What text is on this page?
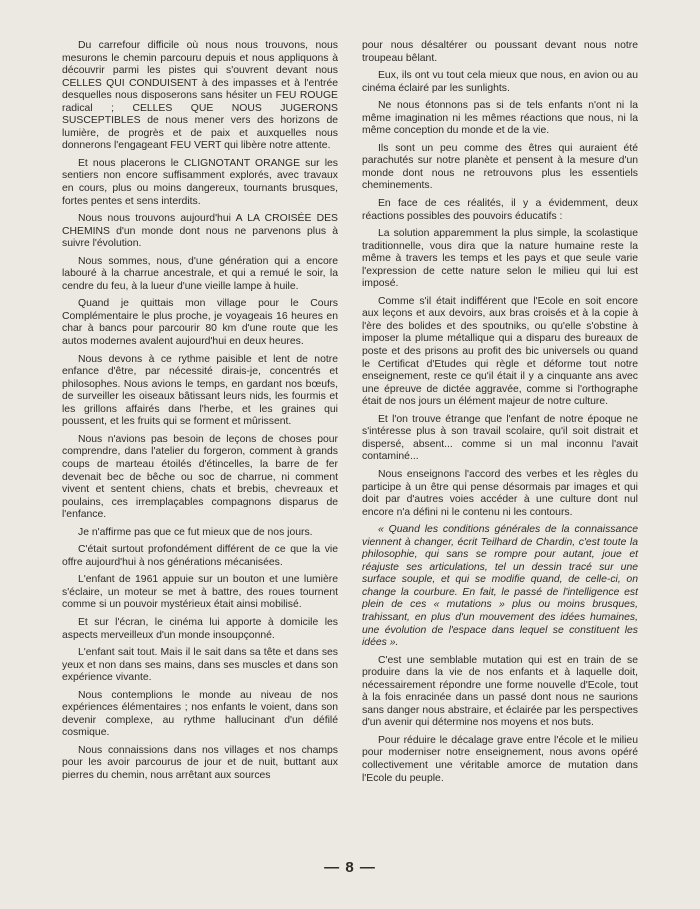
Du carrefour difficile où nous nous trouvons, nous mesurons le chemin parcouru depuis et nous appliquons à découvrir parmi les pistes qui s'ouvrent devant nous CELLES QUI CONDUISENT à des impasses et à l'entrée desquelles nous disposerons sans hésiter un FEU ROUGE radical ; CELLES QUE NOUS JUGERONS SUSCEPTIBLES de nous mener vers des horizons de lumière, de progrès et de paix et auxquelles nous donnerons l'engageant FEU VERT qui libère notre attente.

Et nous placerons le CLIGNOTANT ORANGE sur les sentiers non encore suffisamment explorés, avec travaux en cours, plus ou moins dangereux, tournants brusques, fortes pentes et sens interdits.

Nous nous trouvons aujourd'hui A LA CROISÉE DES CHEMINS d'un monde dont nous ne parvenons plus à suivre l'évolution.

Nous sommes, nous, d'une génération qui a encore labouré à la charrue ancestrale, et qui a remué le soir, la cendre du feu, à la lueur d'une vieille lampe à huile.

Quand je quittais mon village pour le Cours Complémentaire le plus proche, je voyageais 16 heures en char à bancs pour parcourir 80 km d'une route que les autos modernes avalent aujourd'hui en deux heures.

Nous devons à ce rythme paisible et lent de notre enfance d'être, par nécessité dirais-je, concentrés et philosophes. Nous avions le temps, en gardant nos bœufs, de surveiller les oiseaux bâtissant leurs nids, les fourmis et les grillons affairés dans l'herbe, et les graines qui poussent, et les fruits qui se forment et mûrissent.

Nous n'avions pas besoin de leçons de choses pour comprendre, dans l'atelier du forgeron, comment à grands coups de marteau étoilés d'étincelles, la barre de fer devenait bec de bêche ou soc de charrue, ni comment vivent et sentent chiens, chats et brebis, chevreaux et poulains, ces irremplaçables compagnons disparus de l'enfance.

Je n'affirme pas que ce fut mieux que de nos jours.

C'était surtout profondément différent de ce que la vie offre aujourd'hui à nos générations mécanisées.

L'enfant de 1961 appuie sur un bouton et une lumière s'éclaire, un moteur se met à battre, des roues tournent comme si un pouvoir mystérieux était ainsi mobilisé.

Et sur l'écran, le cinéma lui apporte à domicile les aspects merveilleux d'un monde insoupçonné.

L'enfant sait tout. Mais il le sait dans sa tête et dans ses yeux et non dans ses mains, dans ses muscles et dans son expérience vivante.

Nous contemplions le monde au niveau de nos expériences élémentaires ; nos enfants le voient, dans son devenir complexe, au rythme hallucinant d'un défilé cosmique.

Nous connaissions dans nos villages et nos champs pour les avoir parcourus de jour et de nuit, buttant aux pierres du chemin, nous arrêtant aux sources

pour nous désaltérer ou poussant devant nous notre troupeau bêlant.

Eux, ils ont vu tout cela mieux que nous, en avion ou au cinéma éclairé par les sunlights.

Ne nous étonnons pas si de tels enfants n'ont ni la même imagination ni les mêmes réactions que nous, ni la même conception du monde et de la vie.

Ils sont un peu comme des êtres qui auraient été parachutés sur notre planète et pensent à la mesure d'un monde dont nous ne retrouvons plus les essentiels cheminements.

En face de ces réalités, il y a évidemment, deux réactions possibles des pouvoirs éducatifs :

La solution apparemment la plus simple, la scolastique traditionnelle, vous dira que la nature humaine reste la même à travers les temps et les pays et que seule varie l'expression de cette nature selon le milieu qui lui est imposé.

Comme s'il était indifférent que l'Ecole en soit encore aux leçons et aux devoirs, aux bras croisés et à la copie à l'ère des bolides et des spoutniks, ou qu'elle s'obstine à imposer la plume métallique qui a disparu des bureaux de poste et des prisons au profit des bic universels ou quand le Certificat d'Etudes qui règle et déforme tout notre enseignement, reste ce qu'il était il y a cinquante ans avec une épreuve de dictée aggravée, comme si l'orthographe était de nos jours un élément majeur de notre culture.

Et l'on trouve étrange que l'enfant de notre époque ne s'intéresse plus à son travail scolaire, qu'il soit distrait et dispersé, absent... comme si un mal inconnu l'avait contaminé...

Nous enseignons l'accord des verbes et les règles du participe à un être qui pense désormais par images et qui doit par d'autres voies accéder à une culture dont nul encore n'a défini ni le contenu ni les contours.

« Quand les conditions générales de la connaissance viennent à changer, écrit Teilhard de Chardin, c'est toute la philosophie, qui sans se rompre pour autant, joue et réajuste ses articulations, tel un dessin tracé sur une surface souple, et qui se modifie quand, de celle-ci, on change la courbure. En fait, le passé de l'intelligence est plein de ces « mutations » plus ou moins brusques, trahissant, en plus d'un mouvement des idées humaines, une évolution de l'espace dans lequel se constituent les idées ».

C'est une semblable mutation qui est en train de se produire dans la vie de nos enfants et à laquelle doit, nécessairement répondre une forme nouvelle d'Ecole, tout à la fois enracinée dans un passé dont nous ne saurions sans danger nous abstraire, et éclairée par les perspectives d'un avenir qui détermine nos moyens et nos buts.

Pour réduire le décalage grave entre l'école et le milieu pour moderniser notre enseignement, nous avons opéré collectivement une véritable amorce de mutation dans l'Ecole du peuple.

— 8 —
